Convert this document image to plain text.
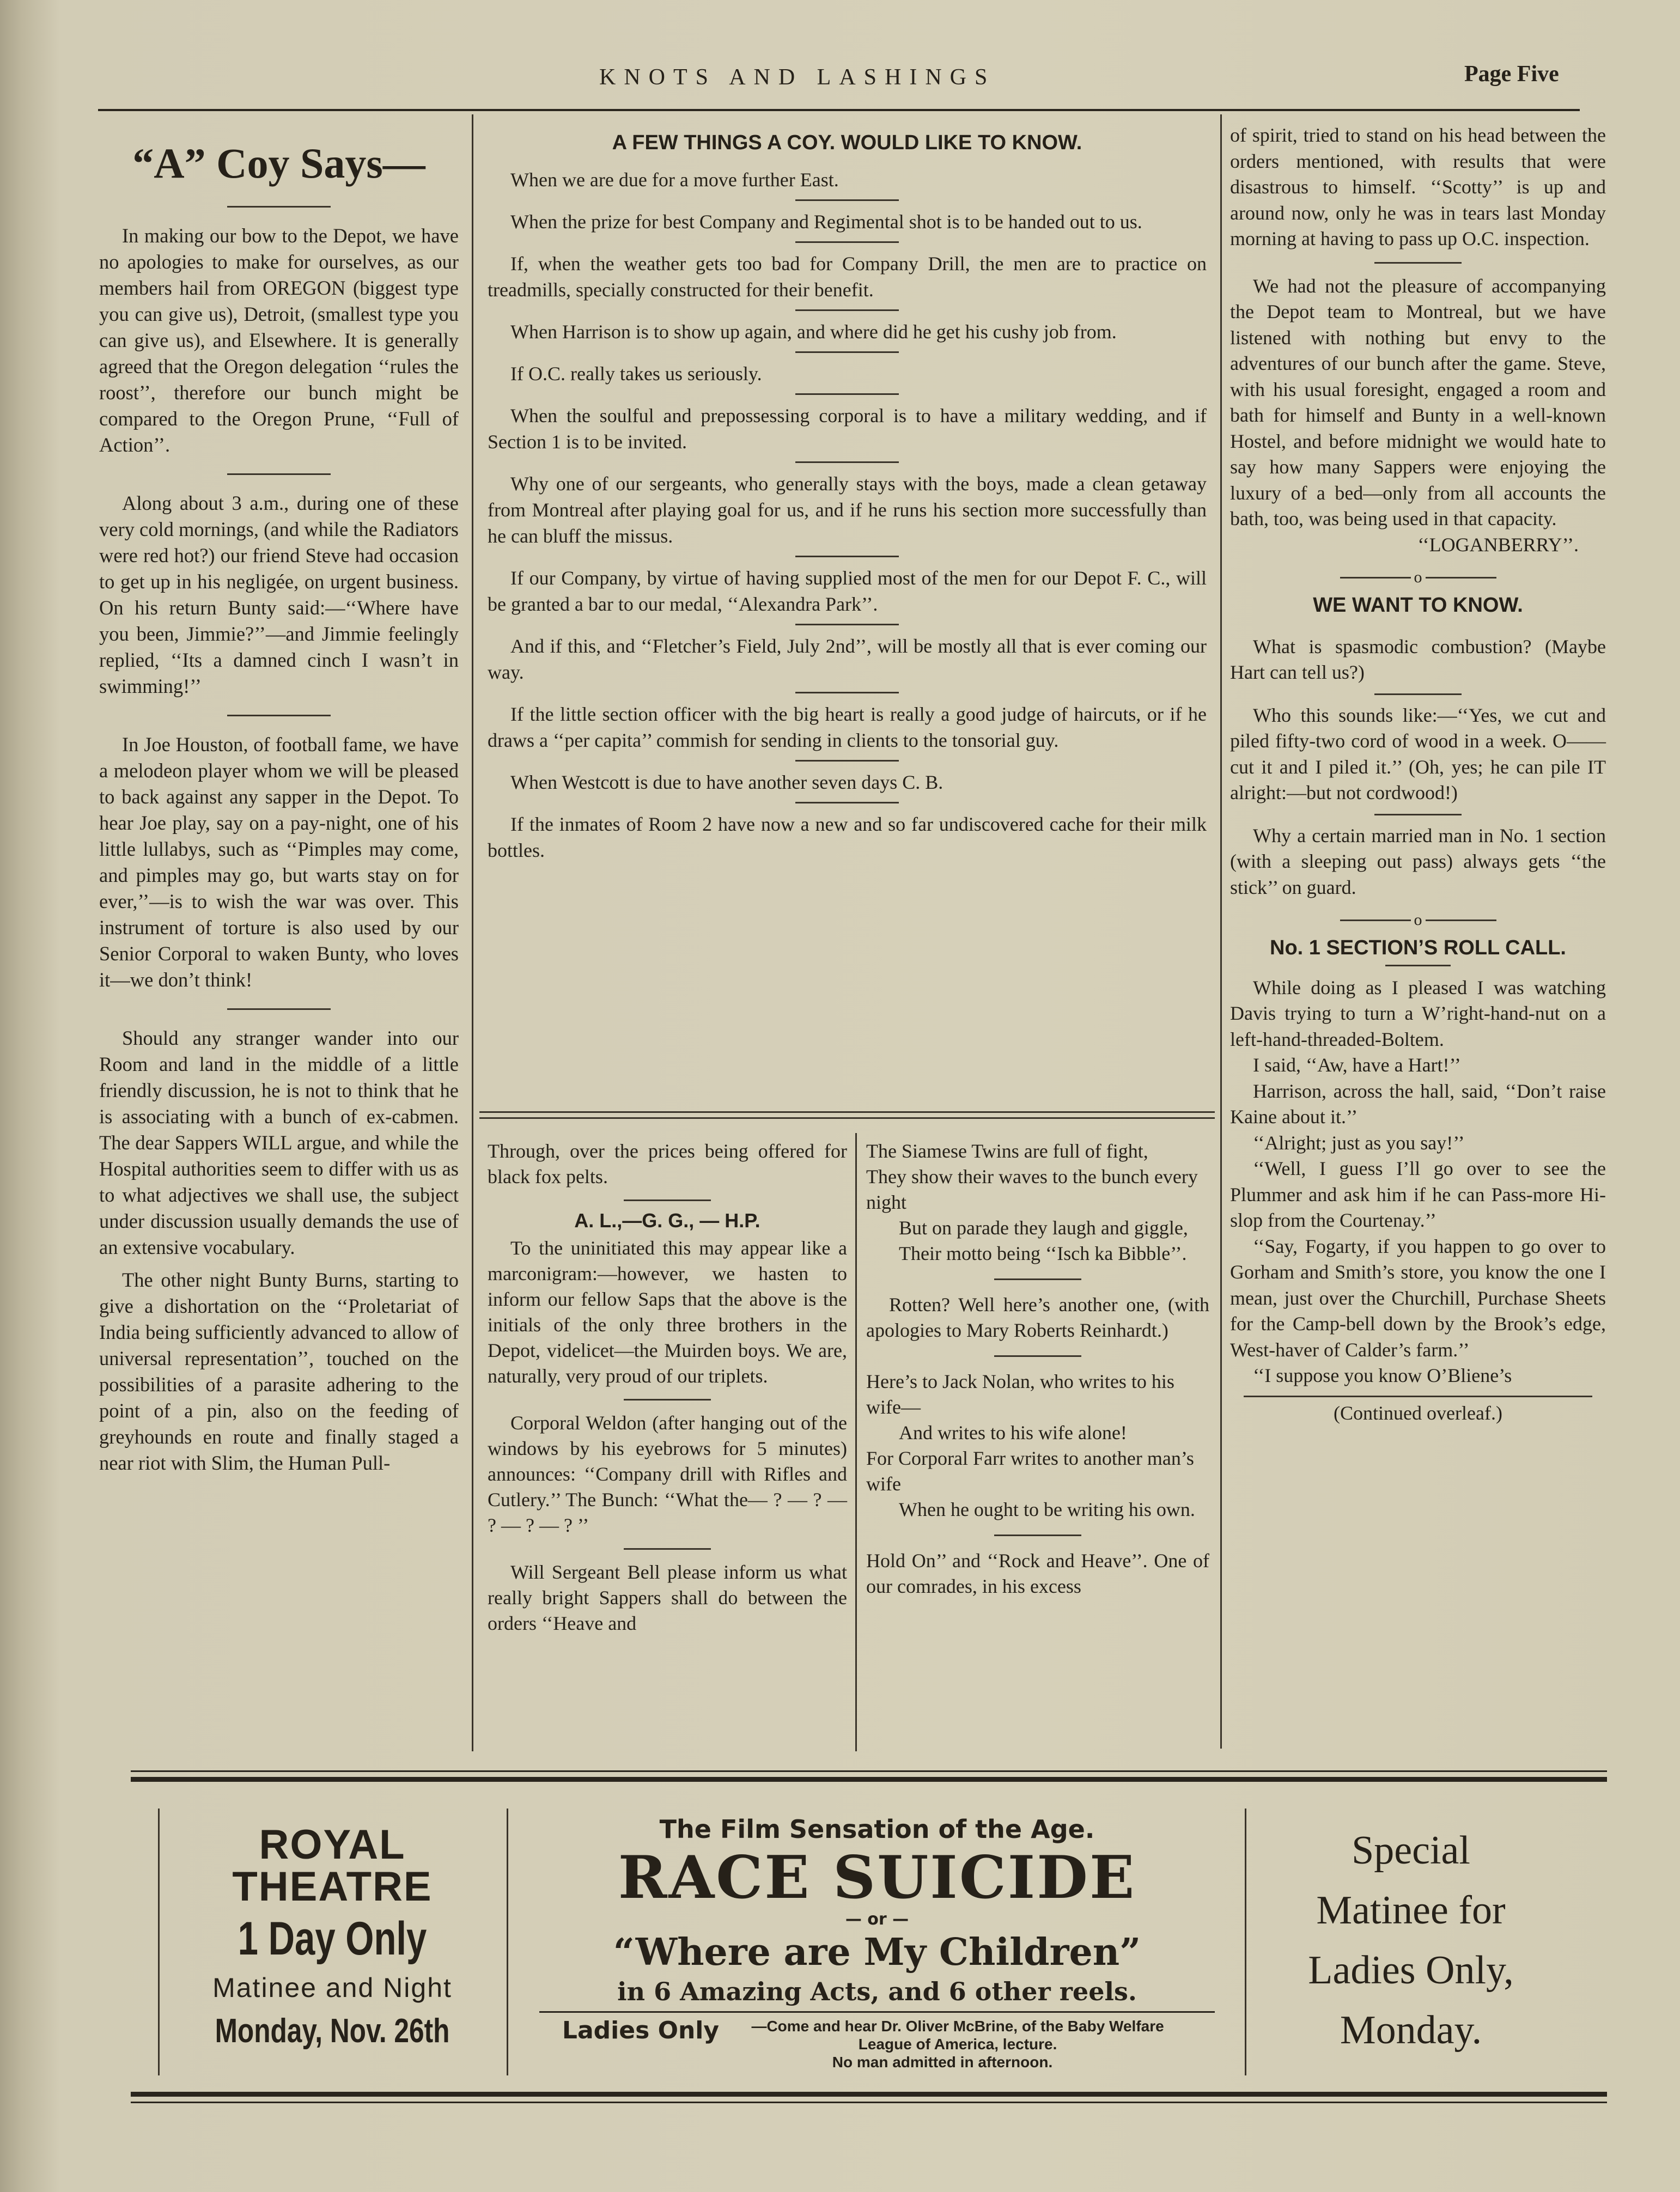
KNOTS AND LASHINGS	Page Five
“A” Coy Says—

In making our bow to the Depot, we have no apologies to make for ourselves, as our members hail from OREGON (biggest type you can give us), Detroit, (smallest type you can give us), and Elsewhere. It is generally agreed that the Oregon delegation ‘‘rules the roost’’, therefore our bunch might be compared to the Oregon Prune, ‘‘Full of Action’’.

Along about 3 a.m., during one of these very cold mornings, (and while the Radiators were red hot?) our friend Steve had occasion to get up in his negligée, on urgent business. On his return Bunty said:—‘‘Where have you been, Jimmie?’’—and Jimmie feelingly replied, ‘‘Its a damned cinch I wasn’t in swimming!’’

In Joe Houston, of football fame, we have a melodeon player whom we will be pleased to back against any sapper in the Depot. To hear Joe play, say on a pay-night, one of his little lullabys, such as ‘‘Pimples may come, and pimples may go, but warts stay on for ever,’’—is to wish the war was over. This instrument of torture is also used by our Senior Corporal to waken Bunty, who loves it—we don’t think!

Should any stranger wander into our Room and land in the middle of a little friendly discussion, he is not to think that he is associating with a bunch of ex-cabmen. The dear Sappers WILL argue, and while the Hospital authorities seem to differ with us as to what adjectives we shall use, the subject under discussion usually demands the use of an extensive vocabulary.

The other night Bunty Burns, starting to give a dishortation on the ‘‘Proletariat of India being sufficiently advanced to allow of universal representation’’, touched on the possibilities of a parasite adhering to the point of a pin, also on the feeding of greyhounds en route and finally staged a near riot with Slim, the Human Pull-

A FEW THINGS A COY. WOULD LIKE TO KNOW.

When we are due for a move further East.

When the prize for best Company and Regimental shot is to be handed out to us.

If, when the weather gets too bad for Company Drill, the men are to practice on treadmills, specially constructed for their benefit.

When Harrison is to show up again, and where did he get his cushy job from.

If O.C. really takes us seriously.

When the soulful and prepossessing corporal is to have a military wedding, and if Section 1 is to be invited.

Why one of our sergeants, who generally stays with the boys, made a clean getaway from Montreal after playing goal for us, and if he runs his section more successfully than he can bluff the missus.

If our Company, by virtue of having supplied most of the men for our Depot F. C., will be granted a bar to our medal, ‘‘Alexandra Park’’.

And if this, and ‘‘Fletcher’s Field, July 2nd’’, will be mostly all that is ever coming our way.

If the little section officer with the big heart is really a good judge of haircuts, or if he draws a ‘‘per capita’’ commish for sending in clients to the tonsorial guy.

When Westcott is due to have another seven days C. B.

If the inmates of Room 2 have now a new and so far undiscovered cache for their milk bottles.

Through, over the prices being offered for black fox pelts.

A. L.,—G. G., — H.P.

To the uninitiated this may appear like a marconigram:—however, we hasten to inform our fellow Saps that the above is the initials of the only three brothers in the Depot, videlicet—the Muirden boys. We are, naturally, very proud of our triplets.

Corporal Weldon (after hanging out of the windows by his eyebrows for 5 minutes) announces: ‘‘Company drill with Rifles and Cutlery.’’ The Bunch: ‘‘What the— ? — ? — ? — ? — ? ’’

Will Sergeant Bell please inform us what really bright Sappers shall do between the orders ‘‘Heave and

The Siamese Twins are full of fight,

They show their waves to the bunch every night

But on parade they laugh and giggle,

Their motto being ‘‘Isch ka Bibble’’.

Rotten? Well here’s another one, (with apologies to Mary Roberts Reinhardt.)

Here’s to Jack Nolan, who writes to his wife—

And writes to his wife alone!

For Corporal Farr writes to another man’s wife

When he ought to be writing his own.

Hold On’’ and ‘‘Rock and Heave’’. One of our comrades, in his excess

of spirit, tried to stand on his head between the orders mentioned, with results that were disastrous to himself. ‘‘Scotty’’ is up and around now, only he was in tears last Monday morning at having to pass up O.C. inspection.

We had not the pleasure of accompanying the Depot team to Montreal, but we have listened with nothing but envy to the adventures of our bunch after the game. Steve, with his usual foresight, engaged a room and bath for himself and Bunty in a well-known Hostel, and before midnight we would hate to say how many Sappers were enjoying the luxury of a bed—only from all accounts the bath, too, was being used in that capacity.

‘‘LOGANBERRY’’.
o
WE WANT TO KNOW.

What is spasmodic combustion? (Maybe Hart can tell us?)

Who this sounds like:—‘‘Yes, we cut and piled fifty-two cord of wood in a week. O—— cut it and I piled it.’’ (Oh, yes; he can pile IT alright:—but not cordwood!)

Why a certain married man in No. 1 section (with a sleeping out pass) always gets ‘‘the stick’’ on guard.

o
No. 1 SECTION’S ROLL CALL.

While doing as I pleased I was watching Davis trying to turn a W’right-hand-nut on a left-hand-threaded-Boltem.

I said, ‘‘Aw, have a Hart!’’

Harrison, across the hall, said, ‘‘Don’t raise Kaine about it.’’

‘‘Alright; just as you say!’’

‘‘Well, I guess I’ll go over to see the Plummer and ask him if he can Pass-more Hi-slop from the Courtenay.’’

‘‘Say, Fogarty, if you happen to go over to Gorham and Smith’s store, you know the one I mean, just over the Churchill, Purchase Sheets for the Camp-bell down by the Brook’s edge, West-haver of Calder’s farm.’’

‘‘I suppose you know O’Bliene’s

(Continued overleaf.)
ROYAL
THEATRE
1 Day Only
Matinee and Night
Monday, Nov. 26th
The Film Sensation of the Age.
RACE SUICIDE
— or —
“Where are My Children”
in 6 Amazing Acts, and 6 other reels.
Ladies Only	—Come and hear Dr. Oliver McBrine, of the Baby Welfare League of America, lecture.
No man admitted in afternoon.
Special
Matinee for
Ladies Only,
Monday.
